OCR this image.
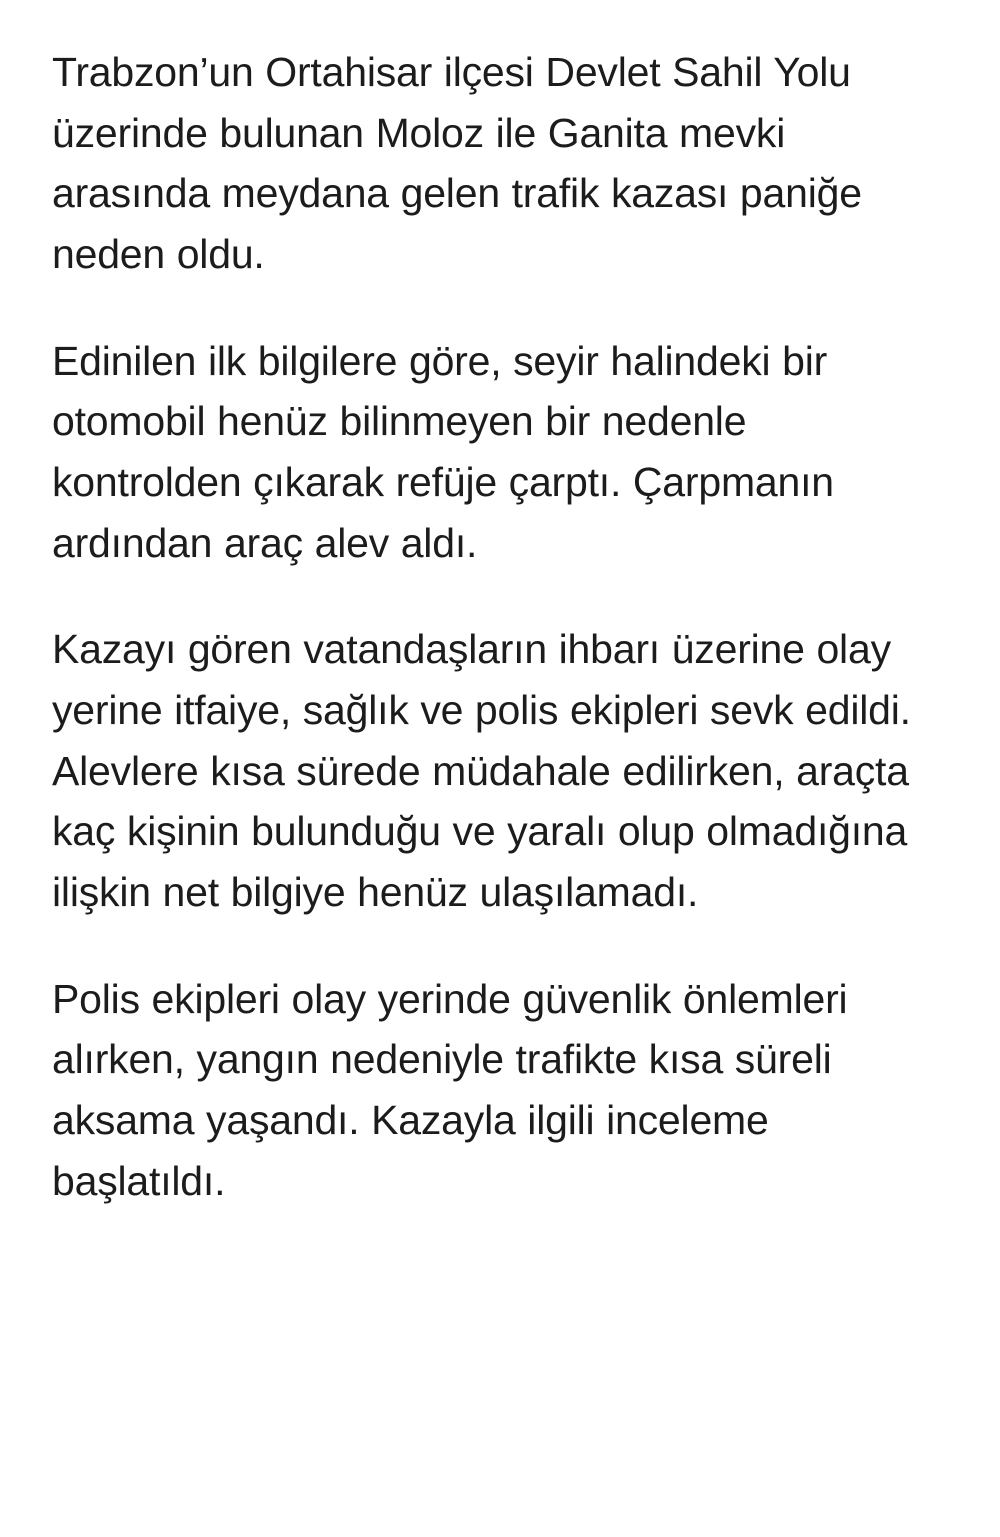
Trabzon’un Ortahisar ilçesi Devlet Sahil Yolu üzerinde bulunan Moloz ile Ganita mevki arasında meydana gelen trafik kazası paniğe neden oldu.

Edinilen ilk bilgilere göre, seyir halindeki bir otomobil henüz bilinmeyen bir nedenle kontrolden çıkarak refüje çarptı. Çarpmanın ardından araç alev aldı.

Kazayı gören vatandaşların ihbarı üzerine olay yerine itfaiye, sağlık ve polis ekipleri sevk edildi. Alevlere kısa sürede müdahale edilirken, araçta kaç kişinin bulunduğu ve yaralı olup olmadığına ilişkin net bilgiye henüz ulaşılamadı.

Polis ekipleri olay yerinde güvenlik önlemleri alırken, yangın nedeniyle trafikte kısa süreli aksama yaşandı. Kazayla ilgili inceleme başlatıldı.
